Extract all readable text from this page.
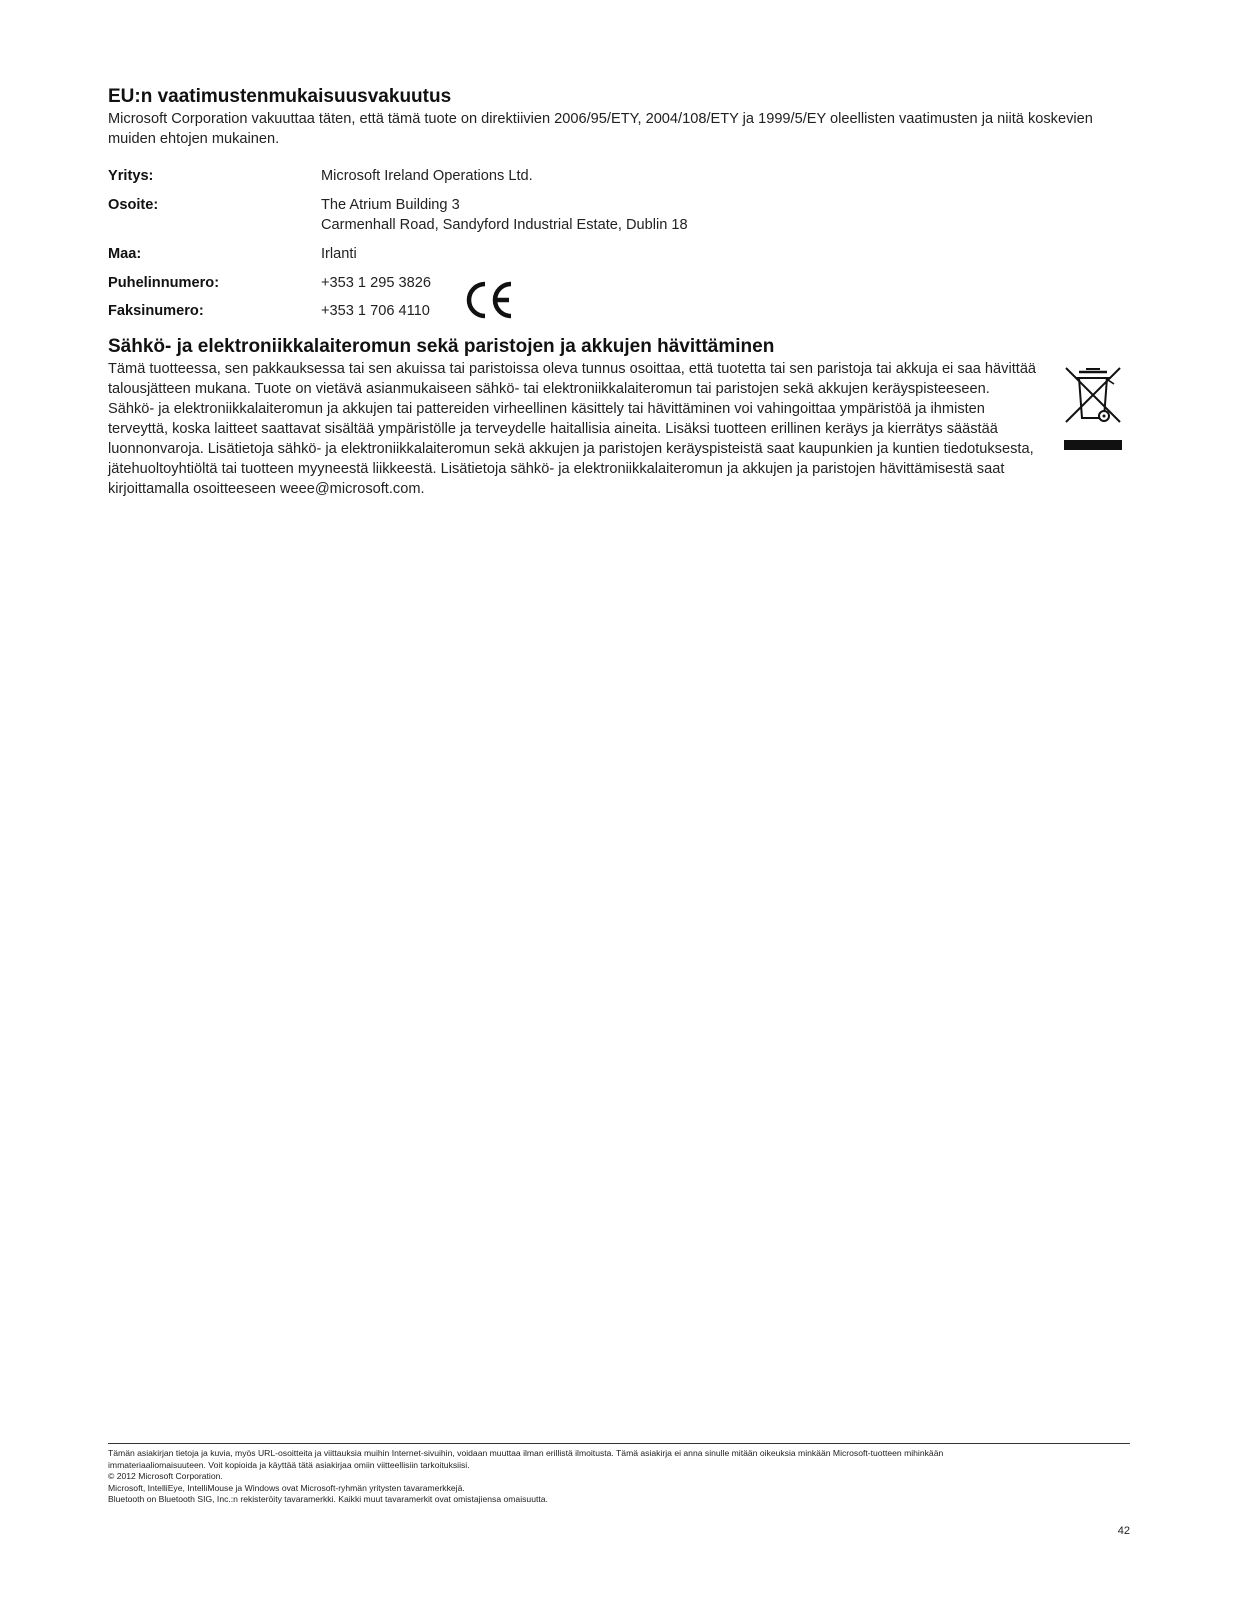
EU:n vaatimustenmukaisuusvakuutus

Microsoft Corporation vakuuttaa täten, että tämä tuote on direktiivien 2006/95/ETY, 2004/108/ETY ja 1999/5/EY oleellisten vaatimusten ja niitä koskevien muiden ehtojen mukainen.

Yritys:	Microsoft Ireland Operations Ltd.
Osoite:	The Atrium Building 3
Carmenhall Road, Sandyford Industrial Estate, Dublin 18
Maa:	Irlanti
Puhelinnumero:	+353 1 295 3826
Faksinumero:	+353 1 706 4110
Sähkö- ja elektroniikkalaiteromun sekä paristojen ja akkujen hävittäminen

Tämä tuotteessa, sen pakkauksessa tai sen akuissa tai paristoissa oleva tunnus osoittaa, että tuotetta tai sen paristoja tai akkuja ei saa hävittää talousjätteen mukana. Tuote on vietävä asianmukaiseen sähkö- tai elektroniikkalaiteromun tai paristojen sekä akkujen keräyspisteeseen. Sähkö- ja elektroniikkalaiteromun ja akkujen tai pattereiden virheellinen käsittely tai hävittäminen voi vahingoittaa ympäristöä ja ihmisten terveyttä, koska laitteet saattavat sisältää ympäristölle ja terveydelle haitallisia aineita. Lisäksi tuotteen erillinen keräys ja kierrätys säästää luonnonvaroja. Lisätietoja sähkö- ja elektroniikkalaiteromun sekä akkujen ja paristojen keräyspisteistä saat kaupunkien ja kuntien tiedotuksesta, jätehuoltoyhtiöltä tai tuotteen myyneestä liikkeestä. Lisätietoja sähkö- ja elektroniikkalaiteromun ja akkujen ja paristojen hävittämisestä saat kirjoittamalla osoitteeseen weee@microsoft.com.

Tämän asiakirjan tietoja ja kuvia, myös URL-osoitteita ja viittauksia muihin Internet-sivuihin, voidaan muuttaa ilman erillistä ilmoitusta. Tämä asiakirja ei anna sinulle mitään oikeuksia minkään Microsoft-tuotteen mihinkään
immateriaaliomaisuuteen. Voit kopioida ja käyttää tätä asiakirjaa omiin viitteellisiin tarkoituksiisi.
© 2012 Microsoft Corporation.
Microsoft, IntelliEye, IntelliMouse ja Windows ovat Microsoft-ryhmän yritysten tavaramerkkejä.
Bluetooth on Bluetooth SIG, Inc.:n rekisteröity tavaramerkki. Kaikki muut tavaramerkit ovat omistajiensa omaisuutta.
42
